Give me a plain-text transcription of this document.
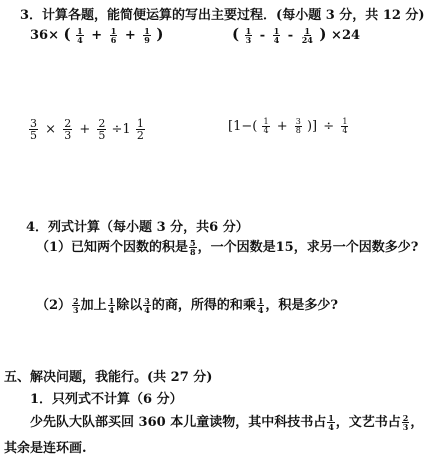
3．计算各题，能简便运算的写出主要过程．(每小题 3 分，共 12 分)
36× ( $\frac{1}{4} + \frac{1}{6} + \frac{1}{9}$ )	( $\frac{1}{3} - \frac{1}{4} - \frac{1}{24}$ ) ×24
$\frac{3}{5} \times \frac{2}{3} + \frac{2}{5} \div 1 \frac{1}{2}$	[$1-( \frac{1}{4} + \frac{3}{8}$ )] ÷ $\frac{1}{4}$
4．列式计算（每小题 3 分，共6 分）
（1）已知两个因数的积是 $\frac{5}{8}$ ，一个因数是15，求另一个因数多少?
$(2) \frac{2}{3}$ 加上 $\frac{1}{4}$ 除以 $\frac{3}{4}$ 的商，所得的和乘 $\frac{1}{4}$ ，积是多少?
五、解决问题，我能行。(共 27 分)
1．只列式不计算（6 分）
少先队大队部买回 360 本儿童读物，其中科技书占 $\frac{1}{4}$ ，文艺书占 $\frac{2}{3}$ ，
其余是连环画.
